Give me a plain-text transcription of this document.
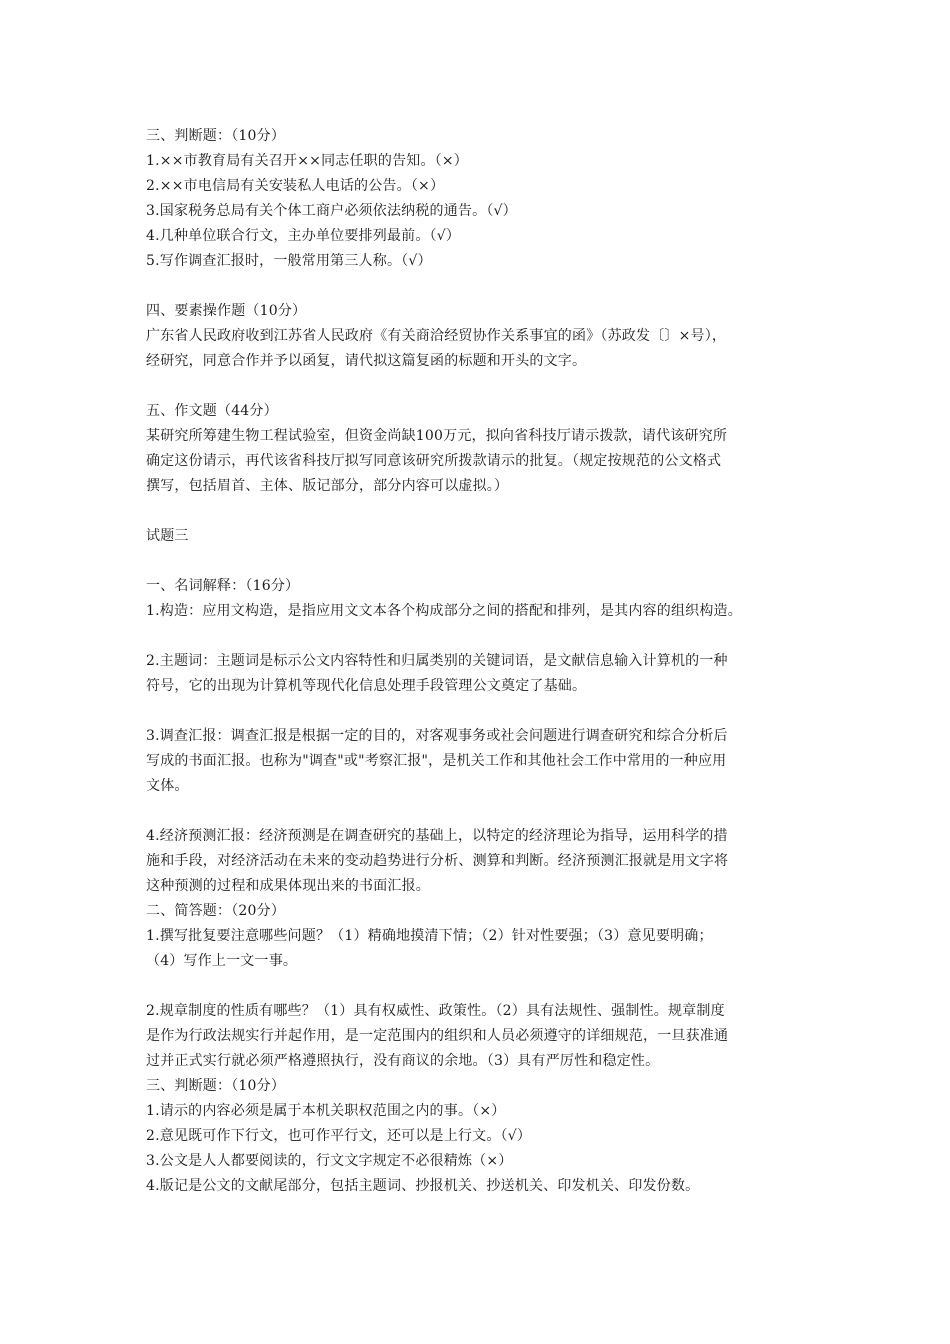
三、判断题：（10分）
1.××市教育局有关召开××同志任职的告知。（×）
2.××市电信局有关安装私人电话的公告。（×）
3.国家税务总局有关个体工商户必须依法纳税的通告。（√）
4.几种单位联合行文，主办单位要排列最前。（√）
5.写作调查汇报时，一般常用第三人称。（√）
四、要素操作题（10分）
广东省人民政府收到江苏省人民政府《有关商洽经贸协作关系事宜的函》（苏政发〔〕×号），
经研究，同意合作并予以函复，请代拟这篇复函的标题和开头的文字。
五、作文题（44分）
某研究所筹建生物工程试验室，但资金尚缺100万元，拟向省科技厅请示拨款，请代该研究所
确定这份请示，再代该省科技厅拟写同意该研究所拨款请示的批复。（规定按规范的公文格式
撰写，包括眉首、主体、版记部分，部分内容可以虚拟。）
试题三
一、名词解释：（16分）
1.构造：应用文构造，是指应用文文本各个构成部分之间的搭配和排列，是其内容的组织构造。
2.主题词：主题词是标示公文内容特性和归属类别的关键词语，是文献信息输入计算机的一种
符号，它的出现为计算机等现代化信息处理手段管理公文奠定了基础。
3.调查汇报：调查汇报是根据一定的目的，对客观事务或社会问题进行调查研究和综合分析后
写成的书面汇报。也称为"调查"或"考察汇报"，是机关工作和其他社会工作中常用的一种应用
文体。
4.经济预测汇报：经济预测是在调查研究的基础上，以特定的经济理论为指导，运用科学的措
施和手段，对经济活动在未来的变动趋势进行分析、测算和判断。经济预测汇报就是用文字将
这种预测的过程和成果体现出来的书面汇报。
二、简答题：（20分）
1.撰写批复要注意哪些问题？（1）精确地摸清下情；（2）针对性要强；（3）意见要明确；
（4）写作上一文一事。
2.规章制度的性质有哪些？（1）具有权威性、政策性。（2）具有法规性、强制性。规章制度
是作为行政法规实行并起作用，是一定范围内的组织和人员必须遵守的详细规范，一旦获准通
过并正式实行就必须严格遵照执行，没有商议的余地。（3）具有严厉性和稳定性。
三、判断题：（10分）
1.请示的内容必须是属于本机关职权范围之内的事。（×）
2.意见既可作下行文，也可作平行文，还可以是上行文。（√）
3.公文是人人都要阅读的，行文文字规定不必很精炼（×）
4.版记是公文的文献尾部分，包括主题词、抄报机关、抄送机关、印发机关、印发份数。
